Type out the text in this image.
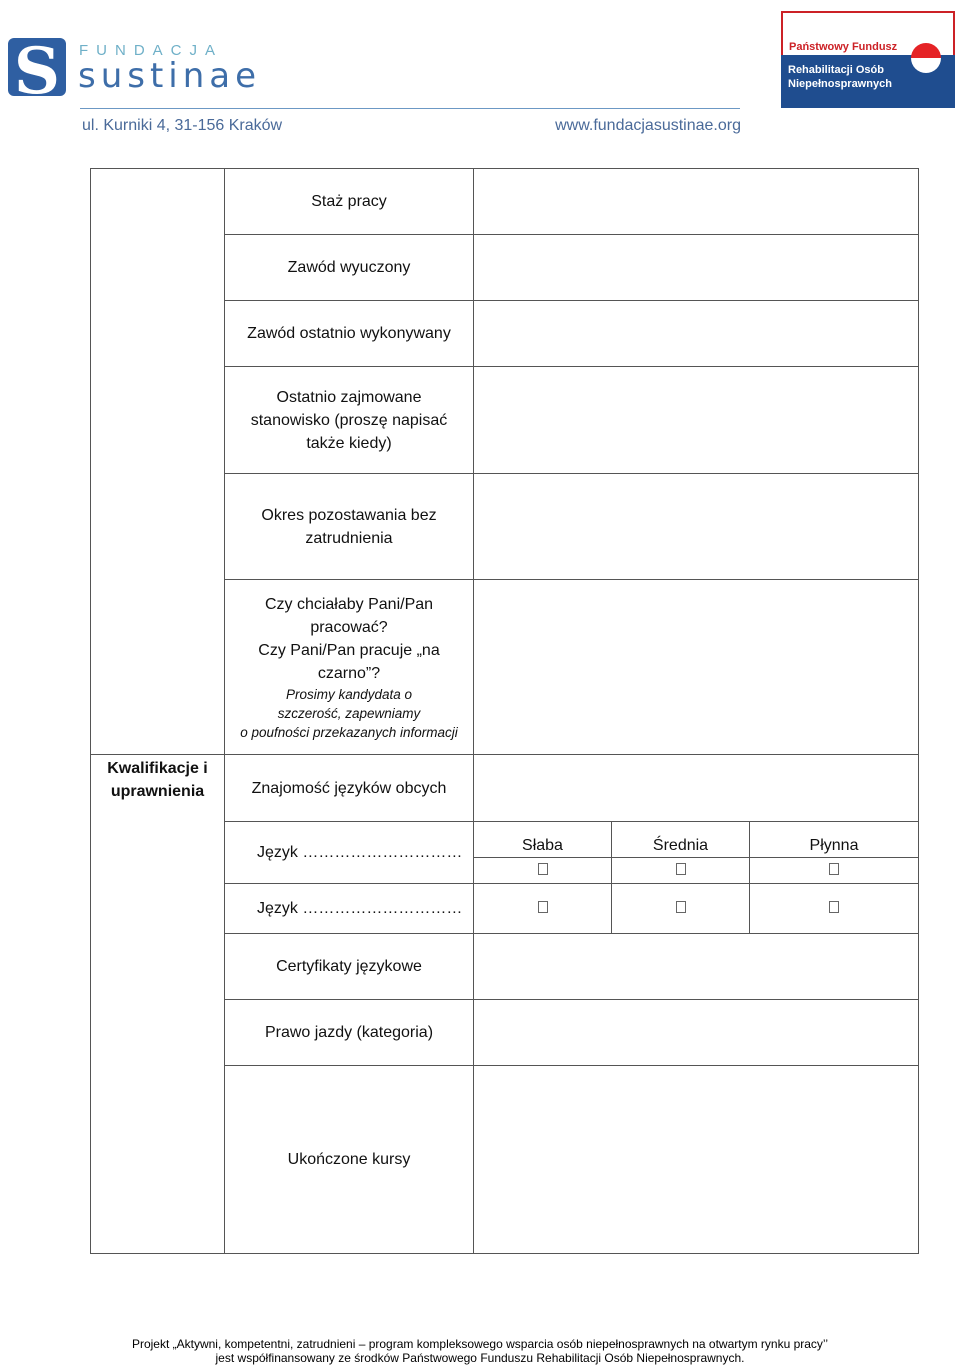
S	FUNDACJA
sustinae
ul. Kurniki 4, 31-156 Kraków	www.fundacjasustinae.org
Państwowy Fundusz
Rehabilitacji Osób
Niepełnosprawnych
	Staż pracy			
	Zawód wyuczony			
	Zawód ostatnio wykonywany			
	Ostatnio zajmowane stanowisko (proszę napisać także kiedy)			
	Okres pozostawania bez zatrudnienia			

	Czy chciałaby Pani/Pan pracować?
Czy Pani/Pan pracuje „na czarno”?
Prosimy kandydata o szczerość, zapewniamy
o poufności przekazanych informacji			

Kwalifikacje i uprawnienia	Znajomość języków obcych			
	Język …………………………	Słaba	Średnia	Płynna

	Język …………………………			
	Certyfikaty językowe			
	Prawo jazdy (kategoria)			
	Ukończone kursy			
Projekt „Aktywni, kompetentni, zatrudnieni – program kompleksowego wsparcia osób niepełnosprawnych na otwartym rynku pracy’’
jest współfinansowany ze środków Państwowego Funduszu Rehabilitacji Osób Niepełnosprawnych.
